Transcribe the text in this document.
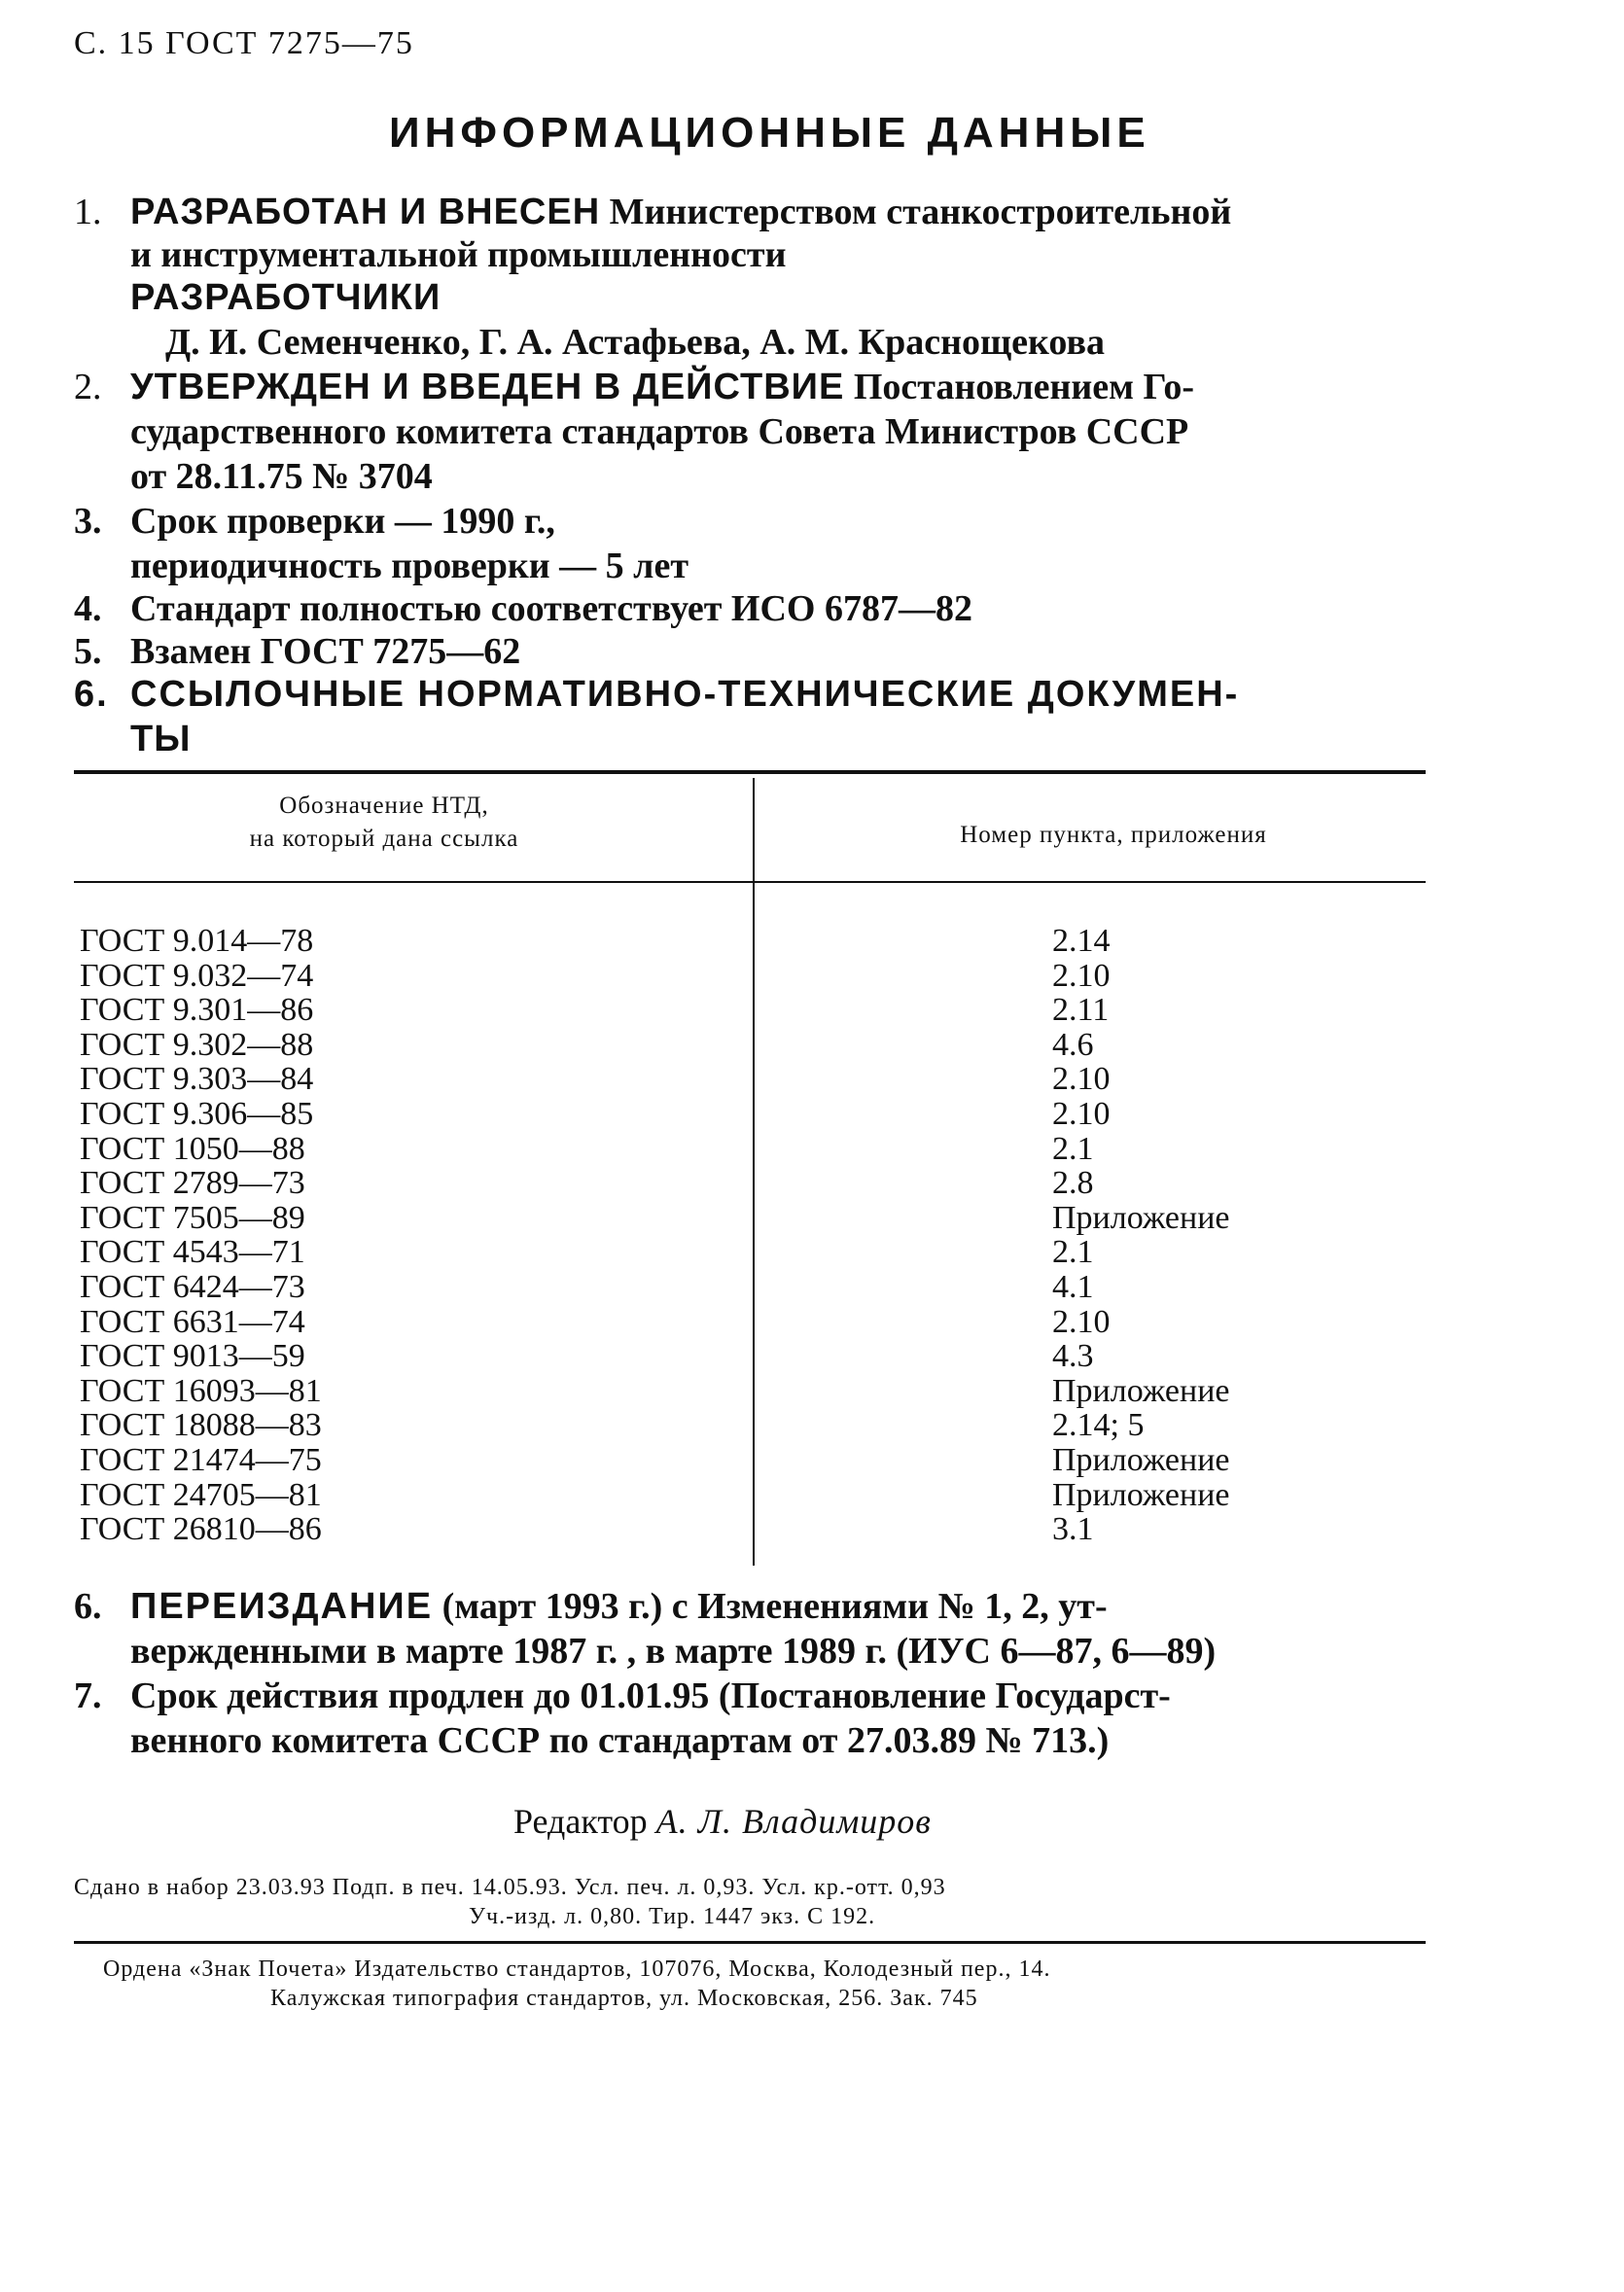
С. 15 ГОСТ 7275—75
ИНФОРМАЦИОННЫЕ ДАННЫЕ
1. РАЗРАБОТАН И ВНЕСЕН Министерством станкостроительной
и инструментальной промышленности
РАЗРАБОТЧИКИ
Д. И. Семенченко, Г. А. Астафьева, А. М. Краснощекова
2. УТВЕРЖДЕН И ВВЕДЕН В ДЕЙСТВИЕ Постановлением Го-
сударственного комитета стандартов Совета Министров СССР
от 28.11.75 № 3704
3. Срок проверки — 1990 г.,
периодичность проверки — 5 лет
4. Стандарт полностью соответствует ИСО 6787—82
5. Взамен ГОСТ 7275—62
6. ССЫЛОЧНЫЕ НОРМАТИВНО-ТЕХНИЧЕСКИЕ ДОКУМЕН-
ТЫ
Обозначение НТД,
на который дана ссылка	Номер пункта, приложения
ГОСТ 9.014—78
ГОСТ 9.032—74
ГОСТ 9.301—86
ГОСТ 9.302—88
ГОСТ 9.303—84
ГОСТ 9.306—85
ГОСТ 1050—88
ГОСТ 2789—73
ГОСТ 7505—89
ГОСТ 4543—71
ГОСТ 6424—73
ГОСТ 6631—74
ГОСТ 9013—59
ГОСТ 16093—81
ГОСТ 18088—83
ГОСТ 21474—75
ГОСТ 24705—81
ГОСТ 26810—86
2.14
2.10
2.11
4.6
2.10
2.10
2.1
2.8
Приложение
2.1
4.1
2.10
4.3
Приложение
2.14; 5
Приложение
Приложение
3.1
6. ПЕРЕИЗДАНИЕ (март 1993 г.) с Изменениями № 1, 2, ут-
вержденными в марте 1987 г. , в марте 1989 г. (ИУС 6—87, 6—89)
7. Срок действия продлен до 01.01.95 (Постановление Государст-
венного комитета СССР по стандартам от 27.03.89 № 713.)
Редактор А. Л. Владимиров
Сдано в набор 23.03.93 Подп. в печ. 14.05.93. Усл. печ. л. 0,93. Усл. кр.-отт. 0,93
Уч.-изд. л. 0,80. Тир. 1447 экз. С 192.
Ордена «Знак Почета» Издательство стандартов, 107076, Москва, Колодезный пер., 14.
Калужская типография стандартов, ул. Московская, 256. Зак. 745
